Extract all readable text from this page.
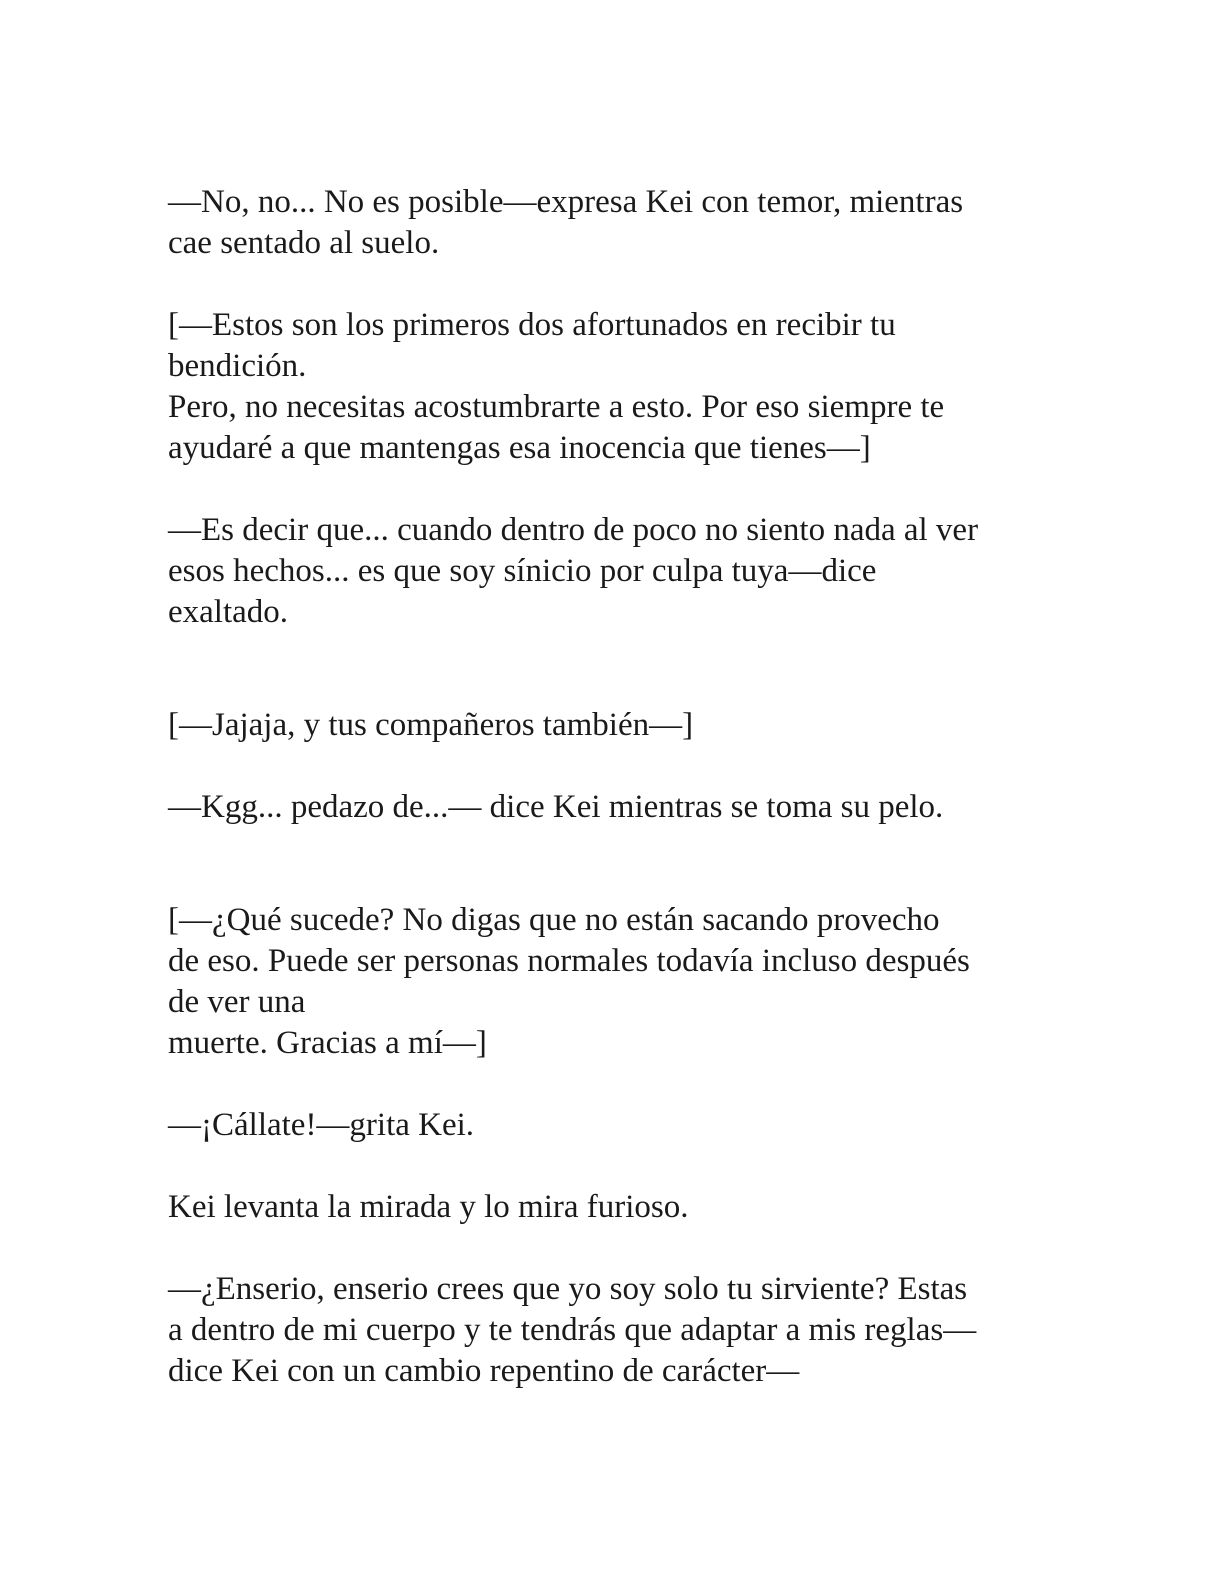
—No, no... No es posible—expresa Kei con temor, mientras
cae sentado al suelo.
[—Estos son los primeros dos afortunados en recibir tu
bendición.
Pero, no necesitas acostumbrarte a esto. Por eso siempre te
ayudaré a que mantengas esa inocencia que tienes—]
—Es decir que... cuando dentro de poco no siento nada al ver
esos hechos... es que soy sínicio por culpa tuya—dice
exaltado.
[—Jajaja, y tus compañeros también—]
—Kgg... pedazo de...— dice Kei mientras se toma su pelo.
[—¿Qué sucede? No digas que no están sacando provecho
de eso. Puede ser personas normales todavía incluso después
de ver una
muerte. Gracias a mí—]
—¡Cállate!—grita Kei.
Kei levanta la mirada y lo mira furioso.
—¿Enserio, enserio crees que yo soy solo tu sirviente? Estas
a dentro de mi cuerpo y te tendrás que adaptar a mis reglas—
dice Kei con un cambio repentino de carácter—
